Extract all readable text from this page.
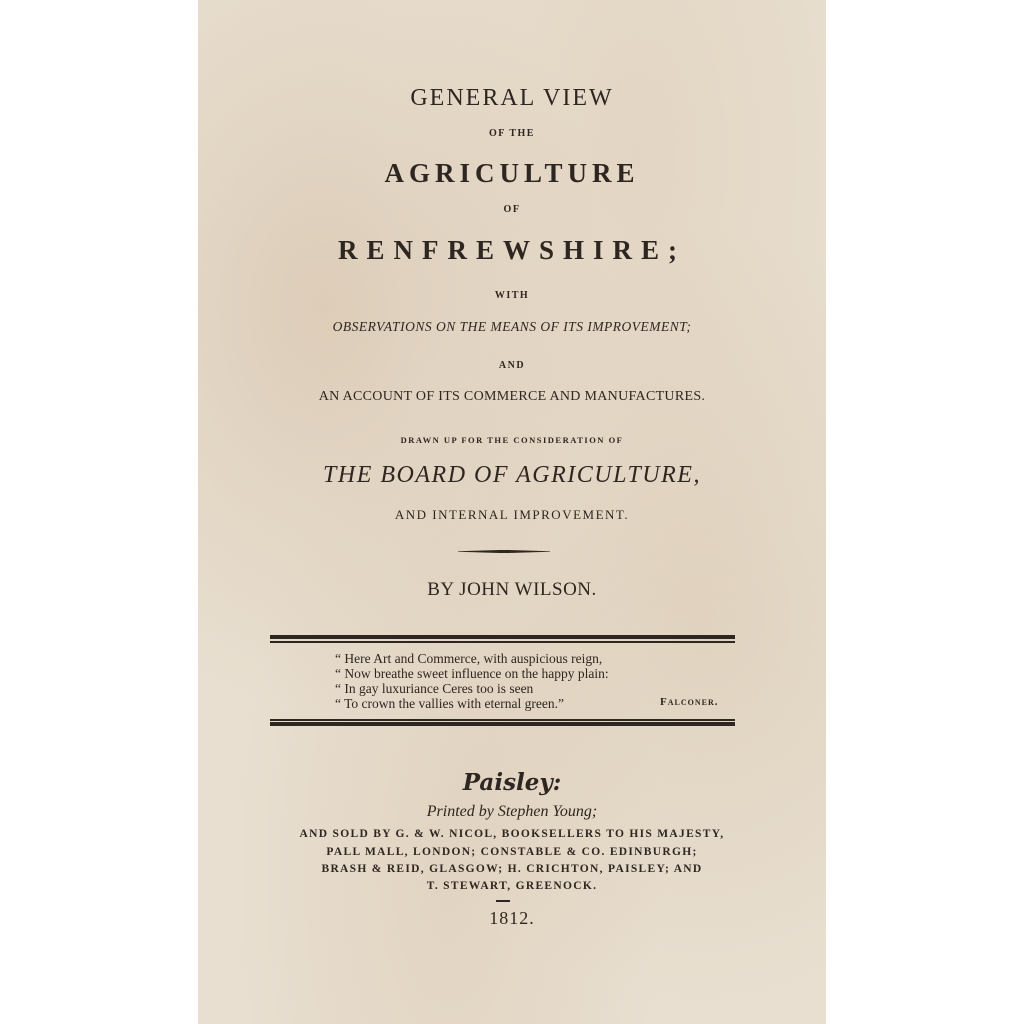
GENERAL VIEW
OF THE
AGRICULTURE
OF
RENFREWSHIRE;
WITH
OBSERVATIONS ON THE MEANS OF ITS IMPROVEMENT;
AND
AN ACCOUNT OF ITS COMMERCE AND MANUFACTURES.
DRAWN UP FOR THE CONSIDERATION OF
THE BOARD OF AGRICULTURE,
AND INTERNAL IMPROVEMENT.
BY JOHN WILSON.
“ Here Art and Commerce, with auspicious reign,
“ Now breathe sweet influence on the happy plain:
“ In gay luxuriance Ceres too is seen
“ To crown the vallies with eternal green.”	Falconer.
Paisley:
Printed by Stephen Young;
AND SOLD BY G. & W. NICOL, BOOKSELLERS TO HIS MAJESTY,
PALL MALL, LONDON; CONSTABLE & CO. EDINBURGH;
BRASH & REID, GLASGOW; H. CRICHTON, PAISLEY; AND
T. STEWART, GREENOCK.
1812.
